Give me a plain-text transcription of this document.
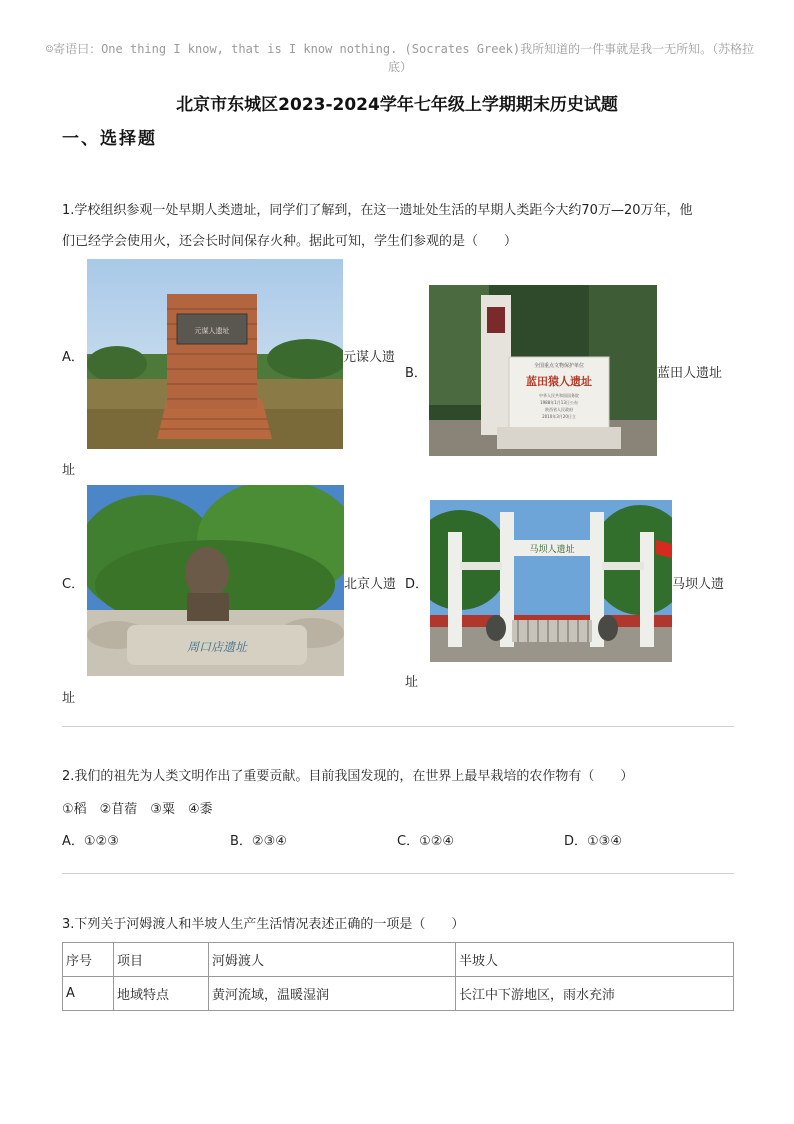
☺寄语曰：One thing I know, that is I know nothing. (Socrates Greek)我所知道的一件事就是我一无所知。（苏格拉底）
北京市东城区2023-2024学年七年级上学期期末历史试题
一、选择题
1.学校组织参观一处早期人类遗址，同学们了解到，在这一遗址处生活的早期人类距今大约70万—20万年，他
们已经学会使用火，还会长时间保存火种。据此可知，学生们参观的是（　　）
A．
元谋人遗址
元谋人遗
址
B．	全国重点文物保护单位
蓝田猿人遗址
中华人民共和国国务院
1988年1月13日公布
陕西省人民政府
2010年3月20日立
蓝田人遗址
C．
周口店遗址
北京人遗
址
D．
马坝人遗址
马坝人遗
址
2.我们的祖先为人类文明作出了重要贡献。目前我国发现的，在世界上最早栽培的农作物有（　　）
①稻　②苜蓿　③粟　④黍
A．①②③	B．②③④	C．①②④	D．①③④
3.下列关于河姆渡人和半坡人生产生活情况表述正确的一项是（　　）
序号	项目	河姆渡人	半坡人
A	地域特点	黄河流域，温暖湿润	长江中下游地区，雨水充沛
